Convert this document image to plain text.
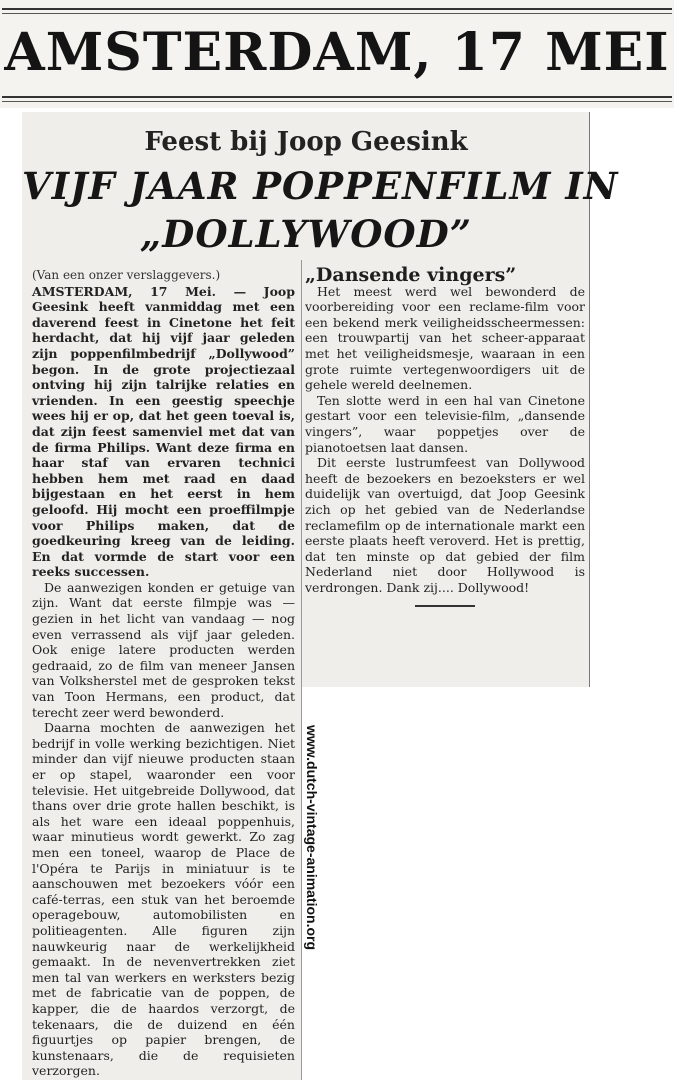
AMSTERDAM, 17 MEI
Feest bij Joop Geesink
VIJF JAAR POPPENFILM IN
„DOLLYWOOD”

(Van een onzer verslaggevers.)

AMSTERDAM, 17 Mei. — Joop Geesink heeft vanmiddag met een daverend feest in Cinetone het feit herdacht, dat hij vijf jaar geleden zijn poppenfilmbedrijf „Dollywood” begon. In de grote projectiezaal ontving hij zijn talrijke relaties en vrienden. In een geestig speechje wees hij er op, dat het geen toeval is, dat zijn feest samenviel met dat van de firma Philips. Want deze firma en haar staf van ervaren technici hebben hem met raad en daad bijgestaan en het eerst in hem geloofd. Hij mocht een proeffilmpje voor Philips maken, dat de goedkeuring kreeg van de leiding. En dat vormde de start voor een reeks successen.

De aanwezigen konden er getuige van zijn. Want dat eerste filmpje was — gezien in het licht van vandaag — nog even verrassend als vijf jaar geleden. Ook enige latere producten werden gedraaid, zo de film van meneer Jansen van Volksherstel met de gesproken tekst van Toon Hermans, een product, dat terecht zeer werd bewonderd.

Daarna mochten de aanwezigen het bedrijf in volle werking bezichtigen. Niet minder dan vijf nieuwe producten staan er op stapel, waaronder een voor televisie. Het uitgebreide Dollywood, dat thans over drie grote hallen beschikt, is als het ware een ideaal poppenhuis, waar minutieus wordt gewerkt. Zo zag men een toneel, waarop de Place de l'Opéra te Parijs in miniatuur is te aanschouwen met bezoekers vóór een café-terras, een stuk van het beroemde operagebouw, automobilisten en politieagenten. Alle figuren zijn nauwkeurig naar de werkelijkheid gemaakt. In de nevenvertrekken ziet men tal van werkers en werksters bezig met de fabricatie van de poppen, de kapper, die de haardos verzorgt, de tekenaars, die de duizend en één figuurtjes op papier brengen, de kunstenaars, die de requisieten verzorgen.

„Dansende vingers”

Het meest werd wel bewonderd de voorbereiding voor een reclame-film voor een bekend merk veiligheidsscheermessen: een trouwpartij van het scheer-apparaat met het veiligheidsmesje, waaraan in een grote ruimte vertegenwoordigers uit de gehele wereld deelnemen.

Ten slotte werd in een hal van Cinetone gestart voor een televisie-film, „dansende vingers”, waar poppetjes over de pianotoetsen laat dansen.

Dit eerste lustrumfeest van Dollywood heeft de bezoekers en bezoeksters er wel duidelijk van overtuigd, dat Joop Geesink zich op het gebied van de Nederlandse reclamefilm op de internationale markt een eerste plaats heeft veroverd. Het is prettig, dat ten minste op dat gebied der film Nederland niet door Hollywood is verdrongen. Dank zij.... Dollywood!

www.dutch-vintage-animation.org
